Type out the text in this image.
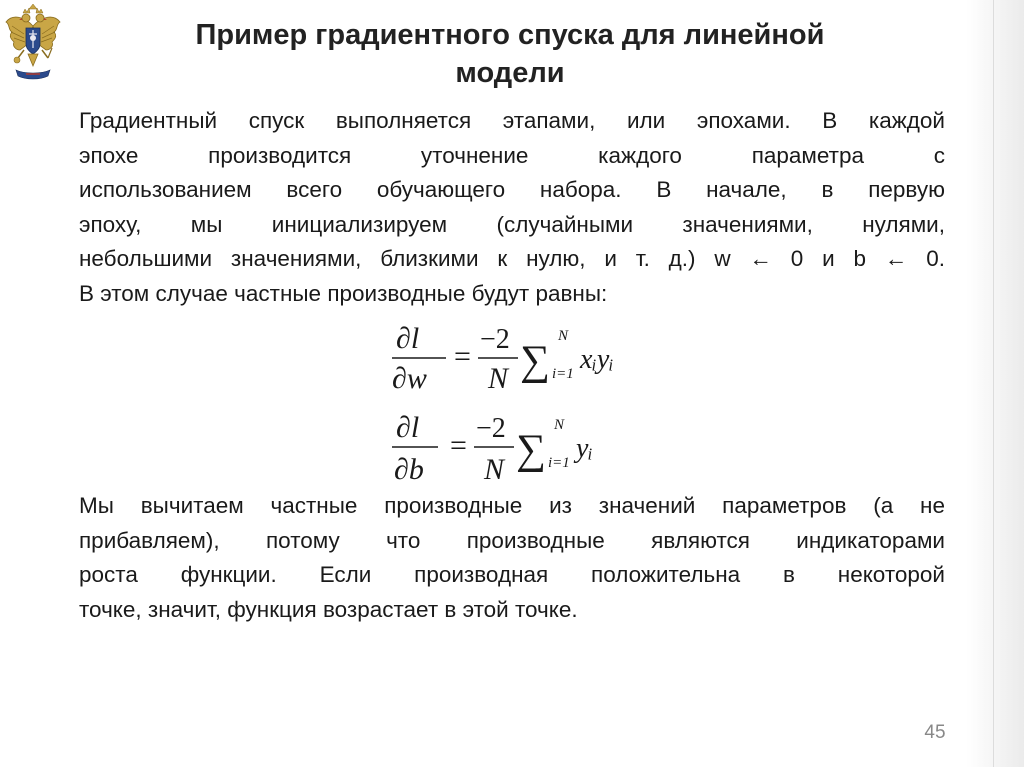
Пример градиентного спуска для линейной
модели
Градиентный спуск выполняется этапами, или эпохами. В каждой
эпохе производится уточнение каждого параметра с
использованием всего обучающего набора. В начале, в первую
эпоху, мы инициализируем (случайными значениями, нулями,
небольшими значениями, близкими к нулю, и т. д.) w ← 0 и b ← 0.
В этом случае частные производные будут равны:
∂l
∂w
=
−2
N ∑
N
i=1 xᵢyᵢ
∂l
∂b
=
−2
N ∑
N
i=1 yᵢ
Мы вычитаем частные производные из значений параметров (а не
прибавляем), потому что производные являются индикаторами
роста функции. Если производная положительна в некоторой
точке, значит, функция возрастает в этой точке.
45
